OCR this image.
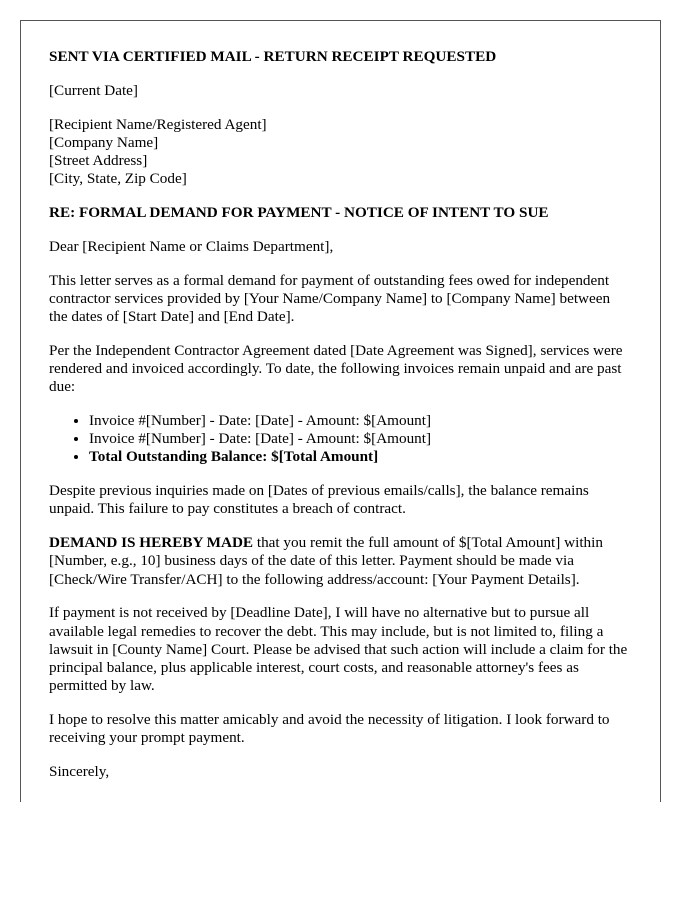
SENT VIA CERTIFIED MAIL - RETURN RECEIPT REQUESTED

[Current Date]

[Recipient Name/Registered Agent]
[Company Name]
[Street Address]
[City, State, Zip Code]
RE: FORMAL DEMAND FOR PAYMENT - NOTICE OF INTENT TO SUE

Dear [Recipient Name or Claims Department],

This letter serves as a formal demand for payment of outstanding fees owed for independent contractor services provided by [Your Name/Company Name] to [Company Name] between the dates of [Start Date] and [End Date].

Per the Independent Contractor Agreement dated [Date Agreement was Signed], services were rendered and invoiced accordingly. To date, the following invoices remain unpaid and are past due:

• Invoice #[Number] - Date: [Date] - Amount: $[Amount]
• Invoice #[Number] - Date: [Date] - Amount: $[Amount]
• Total Outstanding Balance: $[Total Amount]

Despite previous inquiries made on [Dates of previous emails/calls], the balance remains unpaid. This failure to pay constitutes a breach of contract.

DEMAND IS HEREBY MADE that you remit the full amount of $[Total Amount] within [Number, e.g., 10] business days of the date of this letter. Payment should be made via [Check/Wire Transfer/ACH] to the following address/account: [Your Payment Details].

If payment is not received by [Deadline Date], I will have no alternative but to pursue all available legal remedies to recover the debt. This may include, but is not limited to, filing a lawsuit in [County Name] Court. Please be advised that such action will include a claim for the principal balance, plus applicable interest, court costs, and reasonable attorney's fees as permitted by law.

I hope to resolve this matter amicably and avoid the necessity of litigation. I look forward to receiving your prompt payment.

Sincerely,
